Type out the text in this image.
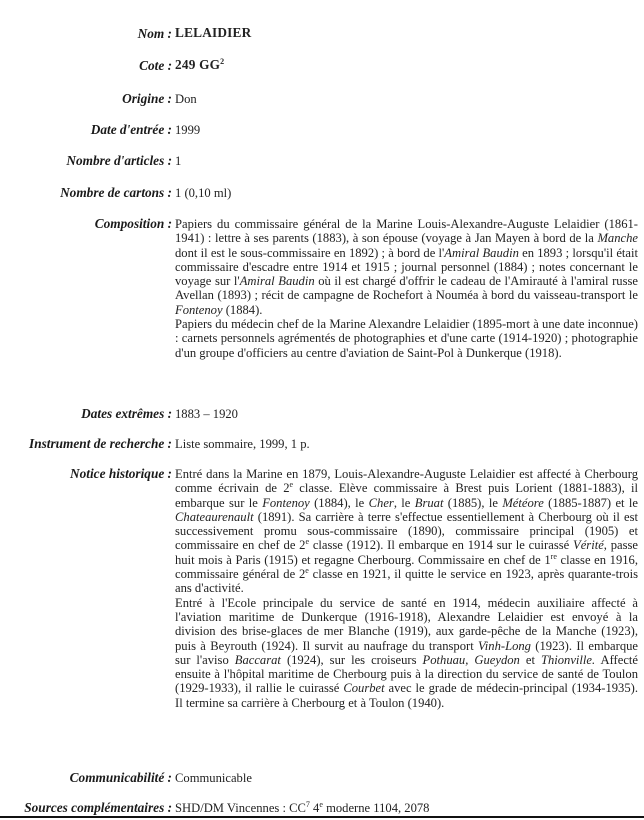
Nom : LELAIDIER
Cote : 249 $GG^2$
Origine : Don
Date d'entrée : 1999
Nombre d'articles : 1
Nombre de cartons : 1 (0,10 ml)
Composition : Papiers du commissaire général de la Marine Louis-Alexandre-Auguste Lelaidier (1861-1941) : lettre à ses parents (1883), à son épouse (voyage à Jan Mayen à bord de la Manche dont il est le sous-commissaire en 1892) ; à bord de l'Amiral Baudin en 1893 ; lorsqu'il était commissaire d'escadre entre 1914 et 1915 ; journal personnel (1884) ; notes concernant le voyage sur l'Amiral Baudin où il est chargé d'offrir le cadeau de l'Amirauté à l'amiral russe Avellan (1893) ; récit de campagne de Rochefort à Nouméa à bord du vaisseau-transport le Fontenoy (1884).

Papiers du médecin chef de la Marine Alexandre Lelaidier (1895-mort à une date inconnue) : carnets personnels agrémentés de photographies et d'une carte (1914-1920) ; photographie d'un groupe d'officiers au centre d'aviation de Saint-Pol à Dunkerque (1918).

Dates extrêmes : 1883 – 1920
Instrument de recherche : Liste sommaire, 1999, 1 p.
Notice historique : Entré dans la Marine en 1879, Louis-Alexandre-Auguste Lelaidier est affecté à Cherbourg comme écrivain de 2e classe. Elève commissaire à Brest puis Lorient (1881-1883), il embarque sur le Fontenoy (1884), le Cher, le Bruat (1885), le Météore (1885-1887) et le Chateaurenault (1891). Sa carrière à terre s'effectue essentiellement à Cherbourg où il est successivement promu sous-commissaire (1890), commissaire principal (1905) et commissaire en chef de 2e classe (1912). Il embarque en 1914 sur le cuirassé Vérité, passe huit mois à Paris (1915) et regagne Cherbourg. Commissaire en chef de 1re classe en 1916, commissaire général de 2e classe en 1921, il quitte le service en 1923, après quarante-trois ans d'activité.

Entré à l'Ecole principale du service de santé en 1914, médecin auxiliaire affecté à l'aviation maritime de Dunkerque (1916-1918), Alexandre Lelaidier est envoyé à la division des brise-glaces de mer Blanche (1919), aux garde-pêche de la Manche (1923), puis à Beyrouth (1924). Il survit au naufrage du transport Vinh-Long (1923). Il embarque sur l'aviso Baccarat (1924), sur les croiseurs Pothuau, Gueydon et Thionville. Affecté ensuite à l'hôpital maritime de Cherbourg puis à la direction du service de santé de Toulon (1929-1933), il rallie le cuirassé Courbet avec le grade de médecin-principal (1934-1935). Il termine sa carrière à Cherbourg et à Toulon (1940).

Communicabilité : Communicable
Sources complémentaires : SHD/DM Vincennes : $CC^7$ 4e moderne 1104, 2078
